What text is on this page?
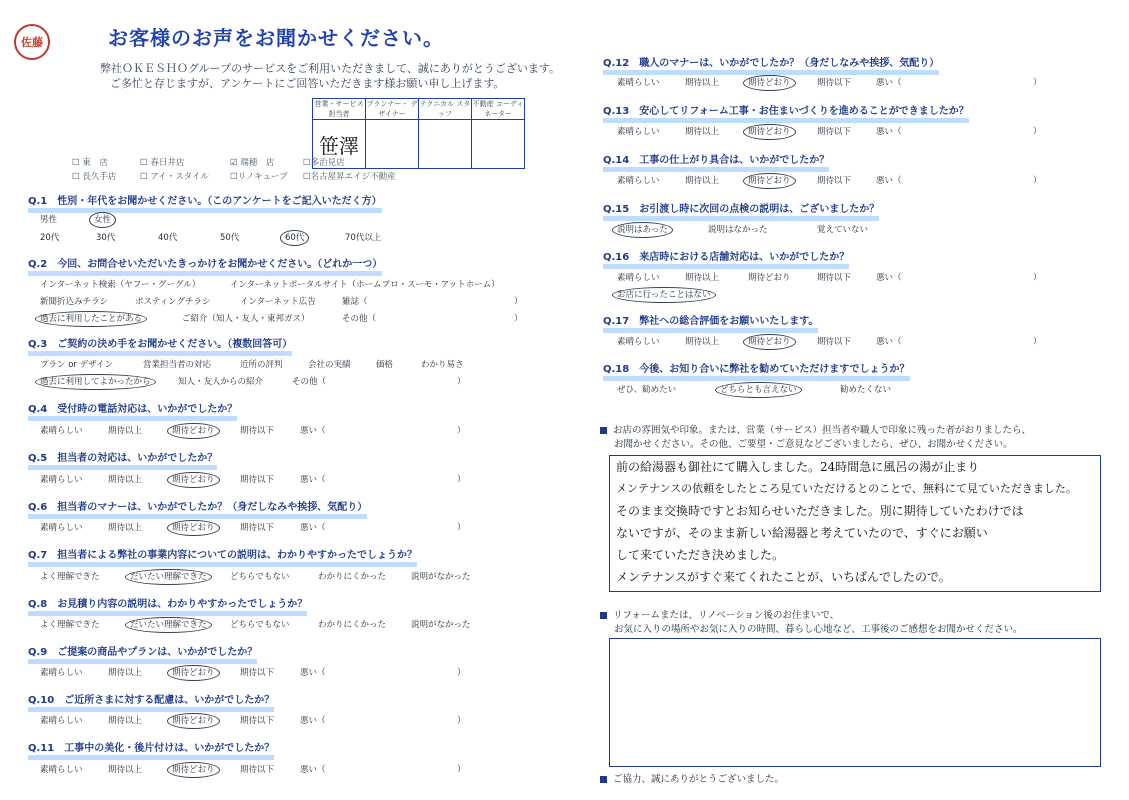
佐藤	お客様のお声をお聞かせください。
弊社ＯＫＥＳＨＯグループのサービスをご利用いただきまして、誠にありがとうございます。
ご多忙と存じますが、アンケートにご回答いただきます様お願い申し上げます。
営業・サービス 担当者	プランナー・ デザイナー	テクニカル スタッフ	不動産 コーディネーター
笹澤			
☐ 東　店	☐ 春日井店	☑ 瑞穂　店	☐多治見店
☐ 長久手店	☐ アイ・スタイル ☐リノキューブ ☐名古屋昇エイジ不動産
Q.1　性別・年代をお聞かせください。（このアンケートをご記入いただく方）
男性	女性
20代	30代	40代	50代	60代	70代以上
Q.2　今回、お問合せいただいたきっかけをお聞かせください。（どれか一つ）
インターネット検索（ヤフー・グーグル）	インターネットポータルサイト（ホームプロ・スーモ・アットホーム）
新聞折込みチラシ	ポスティングチラシ	インターネット広告	雑誌（	）
過去に利用したことがある	ご紹介（知人・友人・東邦ガス）	その他（	）
Q.3　ご契約の決め手をお聞かせください。（複数回答可）
プラン or デザイン	営業担当者の対応	近所の評判	会社の実績	価格	わかり易さ
過去に利用してよかったから	知人・友人からの紹介	その他（	）
Q.4　受付時の電話対応は、いかがでしたか？
素晴らしい	期待以上	期待どおり	期待以下	悪い（	）
Q.5　担当者の対応は、いかがでしたか？
素晴らしい	期待以上	期待どおり	期待以下	悪い（	）
Q.6　担当者のマナーは、いかがでしたか？（身だしなみや挨拶、気配り）
素晴らしい	期待以上	期待どおり	期待以下	悪い（	）
Q.7　担当者による弊社の事業内容についての説明は、わかりやすかったでしょうか？
よく理解できた	だいたい理解できた	どちらでもない	わかりにくかった	説明がなかった
Q.8　お見積り内容の説明は、わかりやすかったでしょうか？
よく理解できた	だいたい理解できた	どちらでもない	わかりにくかった	説明がなかった
Q.9　ご提案の商品やプランは、いかがでしたか？
素晴らしい	期待以上	期待どおり	期待以下	悪い（	）
Q.10　ご近所さまに対する配慮は、いかがでしたか？
素晴らしい	期待以上	期待どおり	期待以下	悪い（	）
Q.11　工事中の美化・後片付けは、いかがでしたか？
素晴らしい	期待以上	期待どおり	期待以下	悪い（	）
Q.12　職人のマナーは、いかがでしたか？（身だしなみや挨拶、気配り）
素晴らしい	期待以上	期待どおり	期待以下	悪い（	）
Q.13　安心してリフォーム工事・お住まいづくりを進めることができましたか？
素晴らしい	期待以上	期待どおり	期待以下	悪い（	）
Q.14　工事の仕上がり具合は、いかがでしたか？
素晴らしい	期待以上	期待どおり	期待以下	悪い（	）
Q.15　お引渡し時に次回の点検の説明は、ございましたか？
説明はあった	説明はなかった	覚えていない
Q.16　来店時における店舗対応は、いかがでしたか？
素晴らしい	期待以上	期待どおり	期待以下	悪い（	）
お店に行ったことはない
Q.17　弊社への総合評価をお願いいたします。
素晴らしい	期待以上	期待どおり	期待以下	悪い（	）
Q.18　今後、お知り合いに弊社を勧めていただけますでしょうか？
ぜひ、勧めたい	どちらとも言えない	勧めたくない
お店の雰囲気や印象。または、営業（サービス）担当者や職人で印象に残った者がおりましたら、
お聞かせください。その他、ご要望・ご意見などございましたら、ぜひ、お聞かせください。
前の給湯器も御社にて購入しました。24時間急に風呂の湯が止まり
メンテナンスの依頼をしたところ見ていただけるとのことで、無料にて見ていただきました。
そのまま交換時ですとお知らせいただきました。別に期待していたわけでは
ないですが、そのまま新しい給湯器と考えていたので、すぐにお願い
して来ていただき決めました。
メンテナンスがすぐ来てくれたことが、いちばんでしたので。
リフォームまたは、リノベーション後のお住まいで、
お気に入りの場所やお気に入りの時間、暮らし心地など、工事後のご感想をお聞かせください。
ご協力、誠にありがとうございました。
